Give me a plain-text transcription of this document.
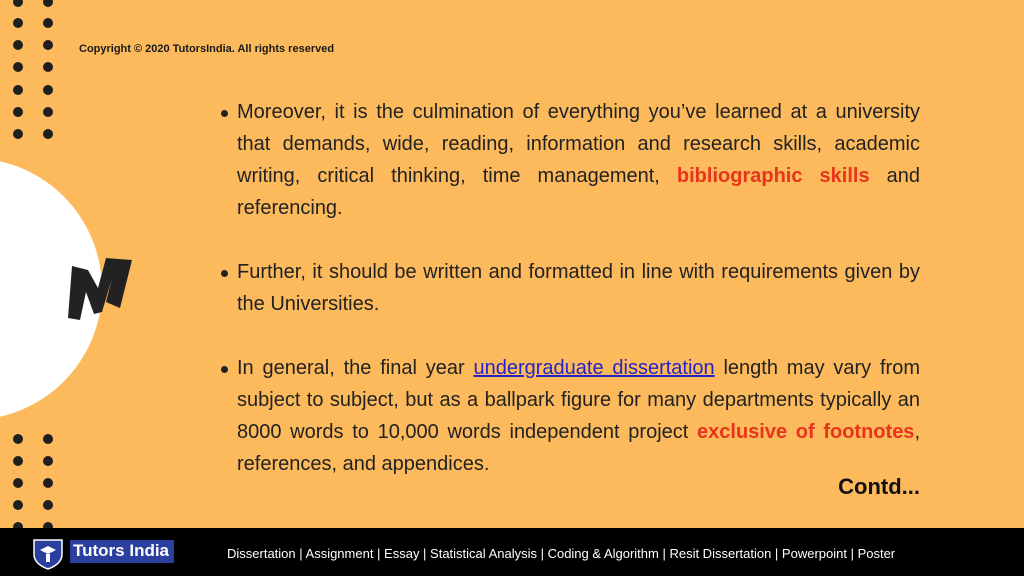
Copyright © 2020 TutorsIndia. All rights reserved
Moreover, it is the culmination of everything you’ve learned at a university that demands, wide, reading, information and research skills, academic writing, critical thinking, time management, bibliographic skills and referencing.
Further, it should be written and formatted in line with requirements given by the Universities.
In general, the final year undergraduate dissertation length may vary from subject to subject, but as a ballpark figure for many departments typically an 8000 words to 10,000 words independent project exclusive of footnotes, references, and appendices.
Contd...
Tutors India	Dissertation | Assignment | Essay | Statistical Analysis | Coding & Algorithm | Resit Dissertation | Powerpoint | Poster
